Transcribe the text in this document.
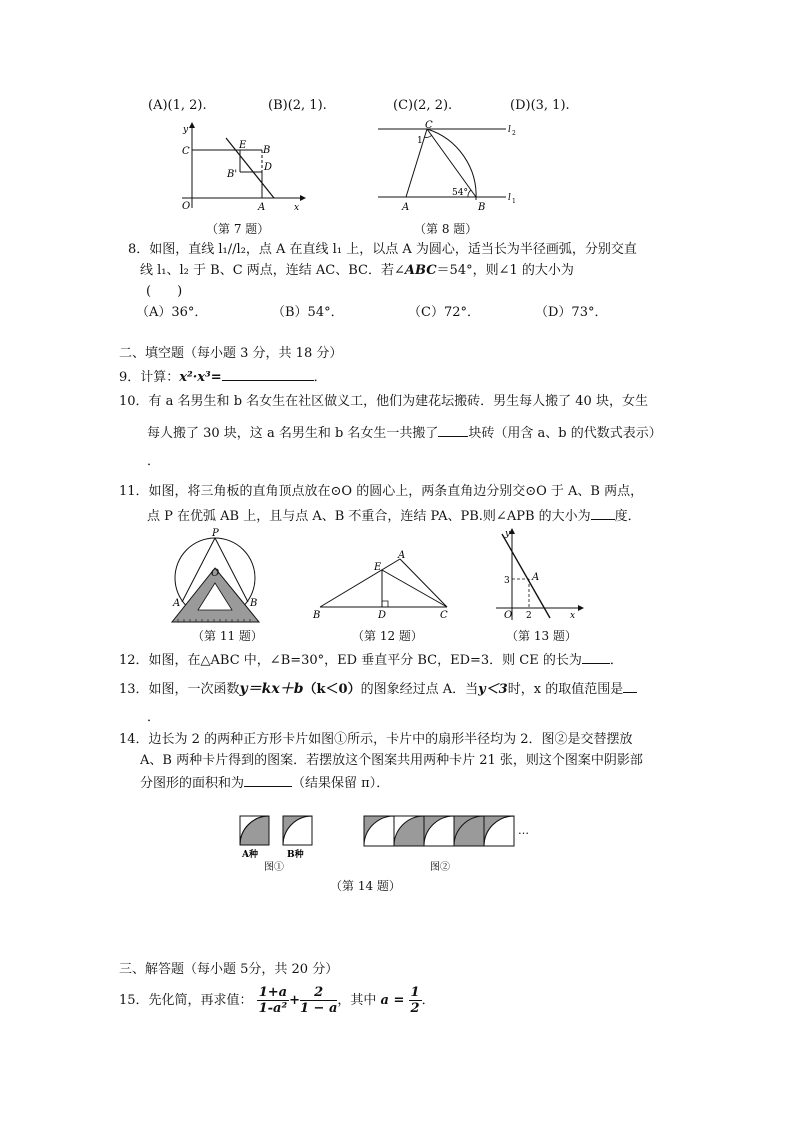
(A)(1, 2).	(B)(2, 1).	(C)(2, 2).	(D)(3, 1).
y
x
O
C
E B
B'
D
A
（第 7 题）
C
1
54°
A	B
l 2
l 1
（第 8 题）
8．如图，直线 l₁//l₂，点 A 在直线 l₁ 上，以点 A 为圆心，适当长为半径画弧，分别交直
线 l₁、l₂ 于 B、C 两点，连结 AC、BC．若∠ABC＝54°，则∠1 的大小为
(　　)
（A）36°．	（B）54°．	（C）72°．	（D）73°．
二、填空题（每小题 3 分，共 18 分）
9．计算：x²·x³=	．
10．有 a 名男生和 b 名女生在社区做义工，他们为建花坛搬砖．男生每人搬了 40 块，女生
每人搬了 30 块，这 a 名男生和 b 名女生一共搬了 块砖（用含 a、b 的代数式表示）
．
11．如图，将三角板的直角顶点放在⊙O 的圆心上，两条直角边分别交⊙O 于 A、B 两点，
点 P 在优弧 AB 上，且与点 A、B 不重合，连结 PA、PB.则∠APB 的大小为 度．
P
O
A	B
（第 11 题）
A
E
B	D	C
（第 12 题）
y
3 A
O 2	x
（第 13 题）
12．如图，在△ABC 中，∠B=30°，ED 垂直平分 BC，ED=3．则 CE 的长为 ．
13．如图，一次函数y＝kx＋b（k＜0）的图象经过点 A．当y＜3时，x 的取值范围是
．
14．边长为 2 的两种正方形卡片如图①所示，卡片中的扇形半径均为 2．图②是交替摆放
A、B 两种卡片得到的图案．若摆放这个图案共用两种卡片 21 张，则这个图案中阴影部
分图形的面积和为	（结果保留 π）．
A种	B种
图①	图②
…
（第 14 题）
三、解答题（每小题 5分，共 20 分）
15．先化简，再求值： $\frac{1+a}{\text{1-a²}} + \frac{2}{1 - a}$ ，其中 $a = \frac{1}{2}$ ．
